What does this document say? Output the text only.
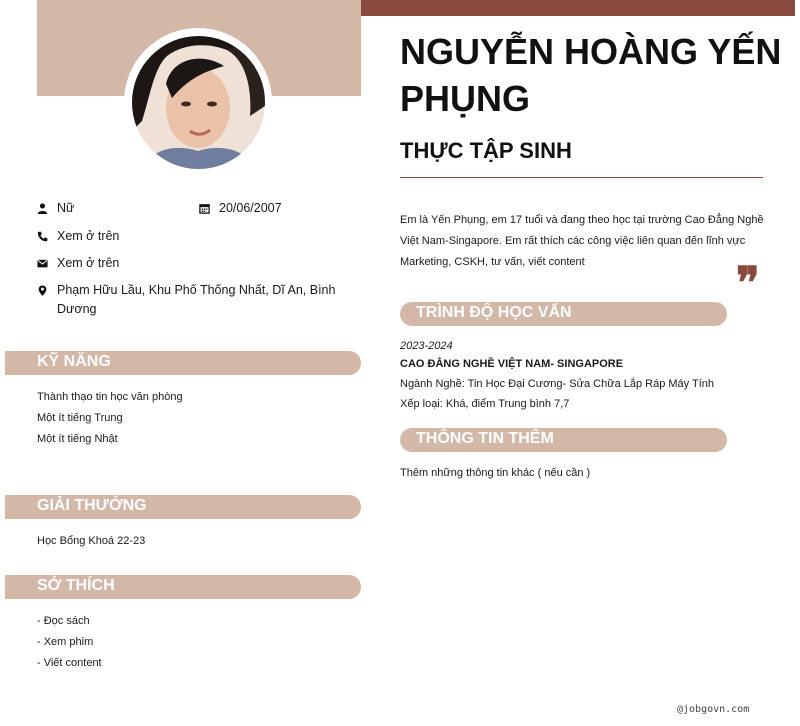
Nữ	20/06/2007
Xem ở trên
Xem ở trên
Phạm Hữu Lầu, Khu Phố Thống Nhất, Dĩ An, Bình Dương
KỸ NĂNG
Thành thạo tin học văn phòng
Một ít tiếng Trung
Một ít tiếng Nhật
GIẢI THƯỞNG
Học Bổng Khoá 22-23
SỞ THÍCH
- Đọc sách
- Xem phim
- Viết content
NGUYỄN HOÀNG YẾN PHỤNG
THỰC TẬP SINH
Em là Yến Phụng, em 17 tuổi và đang theo học tại trường Cao Đẳng Nghề Việt Nam-Singapore. Em rất thích các công việc liên quan đến lĩnh vực Marketing, CSKH, tư vấn, viết content	❞
TRÌNH ĐỘ HỌC VẤN
2023-2024
CAO ĐẲNG NGHỀ VIỆT NAM- SINGAPORE
Ngành Nghề: Tin Học Đại Cương- Sửa Chữa Lắp Ráp Máy Tính
Xếp loại: Khá, điểm Trung bình 7,7
THÔNG TIN THÊM
Thêm những thông tin khác ( nếu cần )
@jobgovn.com
